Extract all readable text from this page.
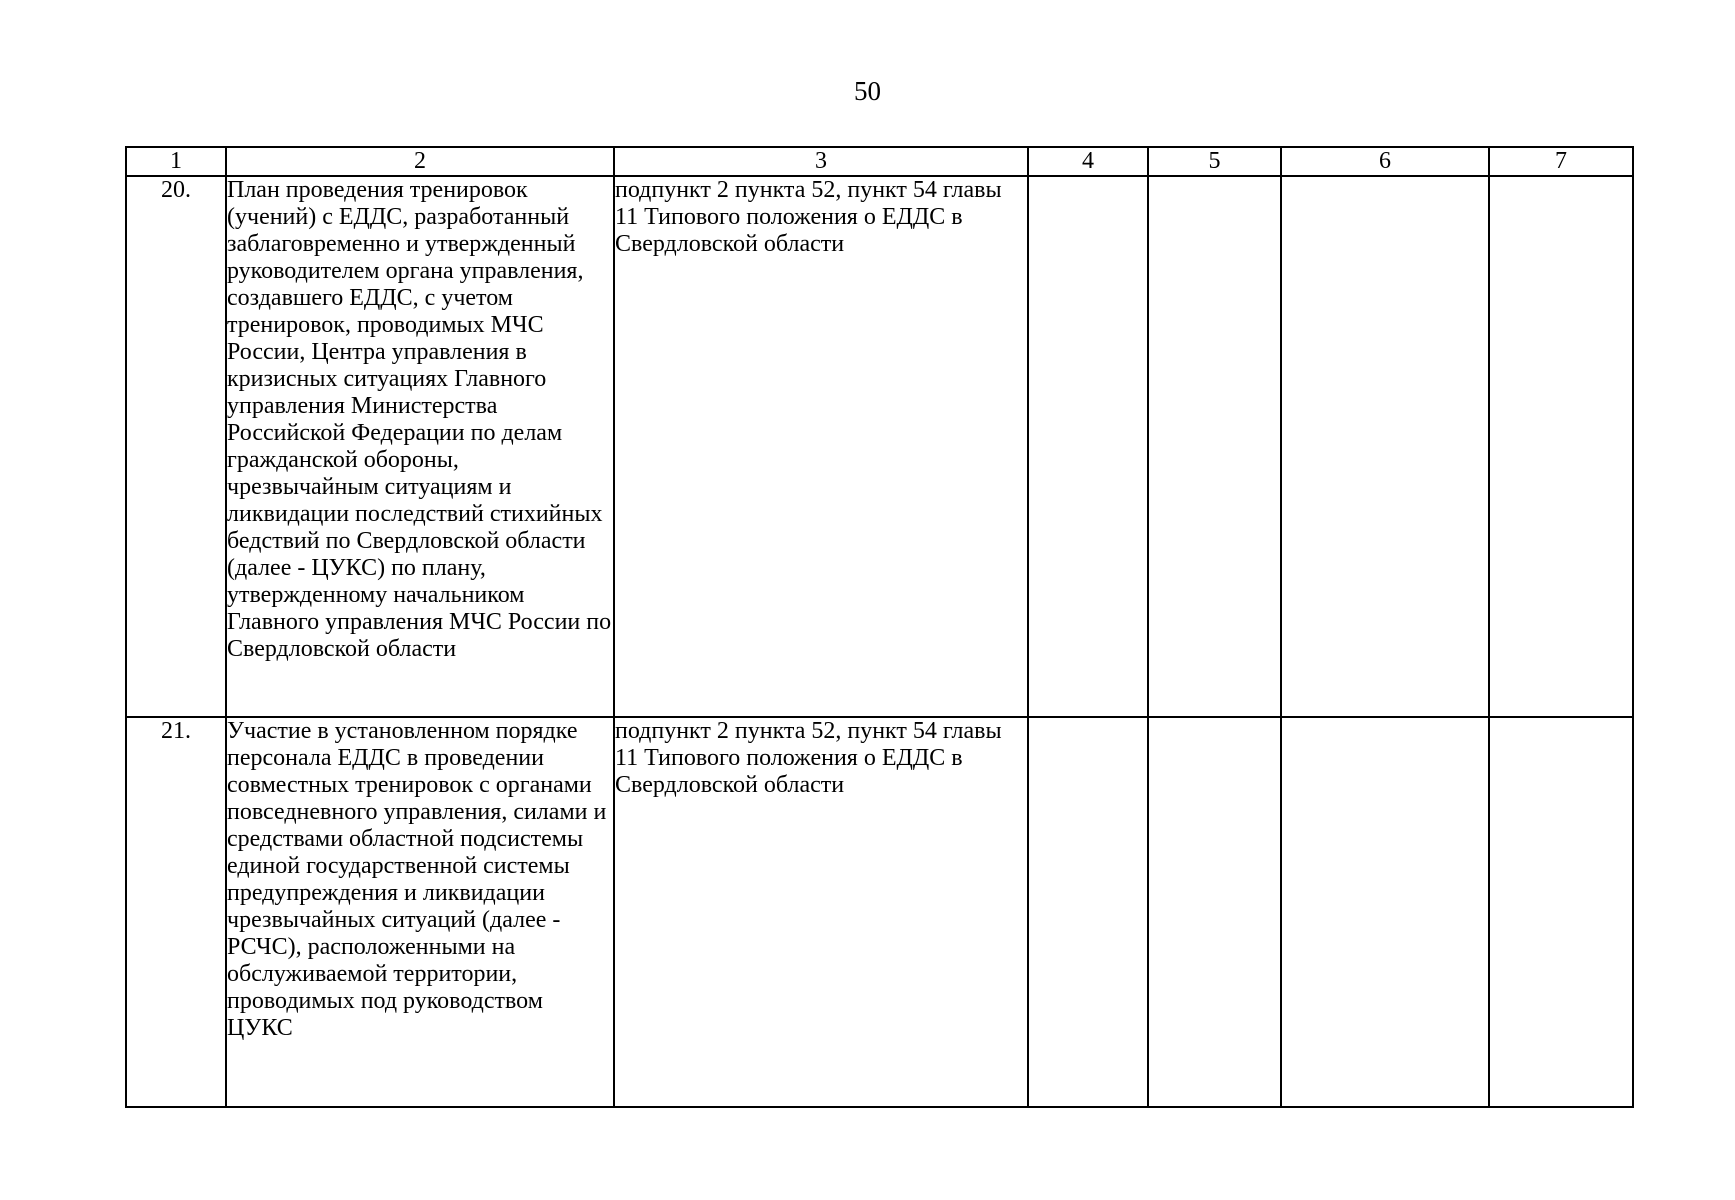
50
1	2	3	4	5	6	7
20.	План проведения тренировок (учений) с ЕДДС, разработанный заблаговременно и утвержденный руководителем органа управления, создавшего ЕДДС, с учетом тренировок, проводимых МЧС России, Центра управления в кризисных ситуациях Главного управления Министерства Российской Федерации по делам гражданской обороны, чрезвычайным ситуациям и ликвидации последствий стихийных бедствий по Свердловской области (далее - ЦУКС) по плану, утвержденному начальником Главного управления МЧС России по Свердловской области	подпункт 2 пункта 52, пункт 54 главы 11 Типового положения о ЕДДС в Свердловской области				
21.	Участие в установленном порядке персонала ЕДДС в проведении совместных тренировок с органами повседневного управления, силами и средствами областной подсистемы единой государственной системы предупреждения и ликвидации чрезвычайных ситуаций (далее - РСЧС), расположенными на обслуживаемой территории, проводимых под руководством ЦУКС	подпункт 2 пункта 52, пункт 54 главы 11 Типового положения о ЕДДС в Свердловской области				
